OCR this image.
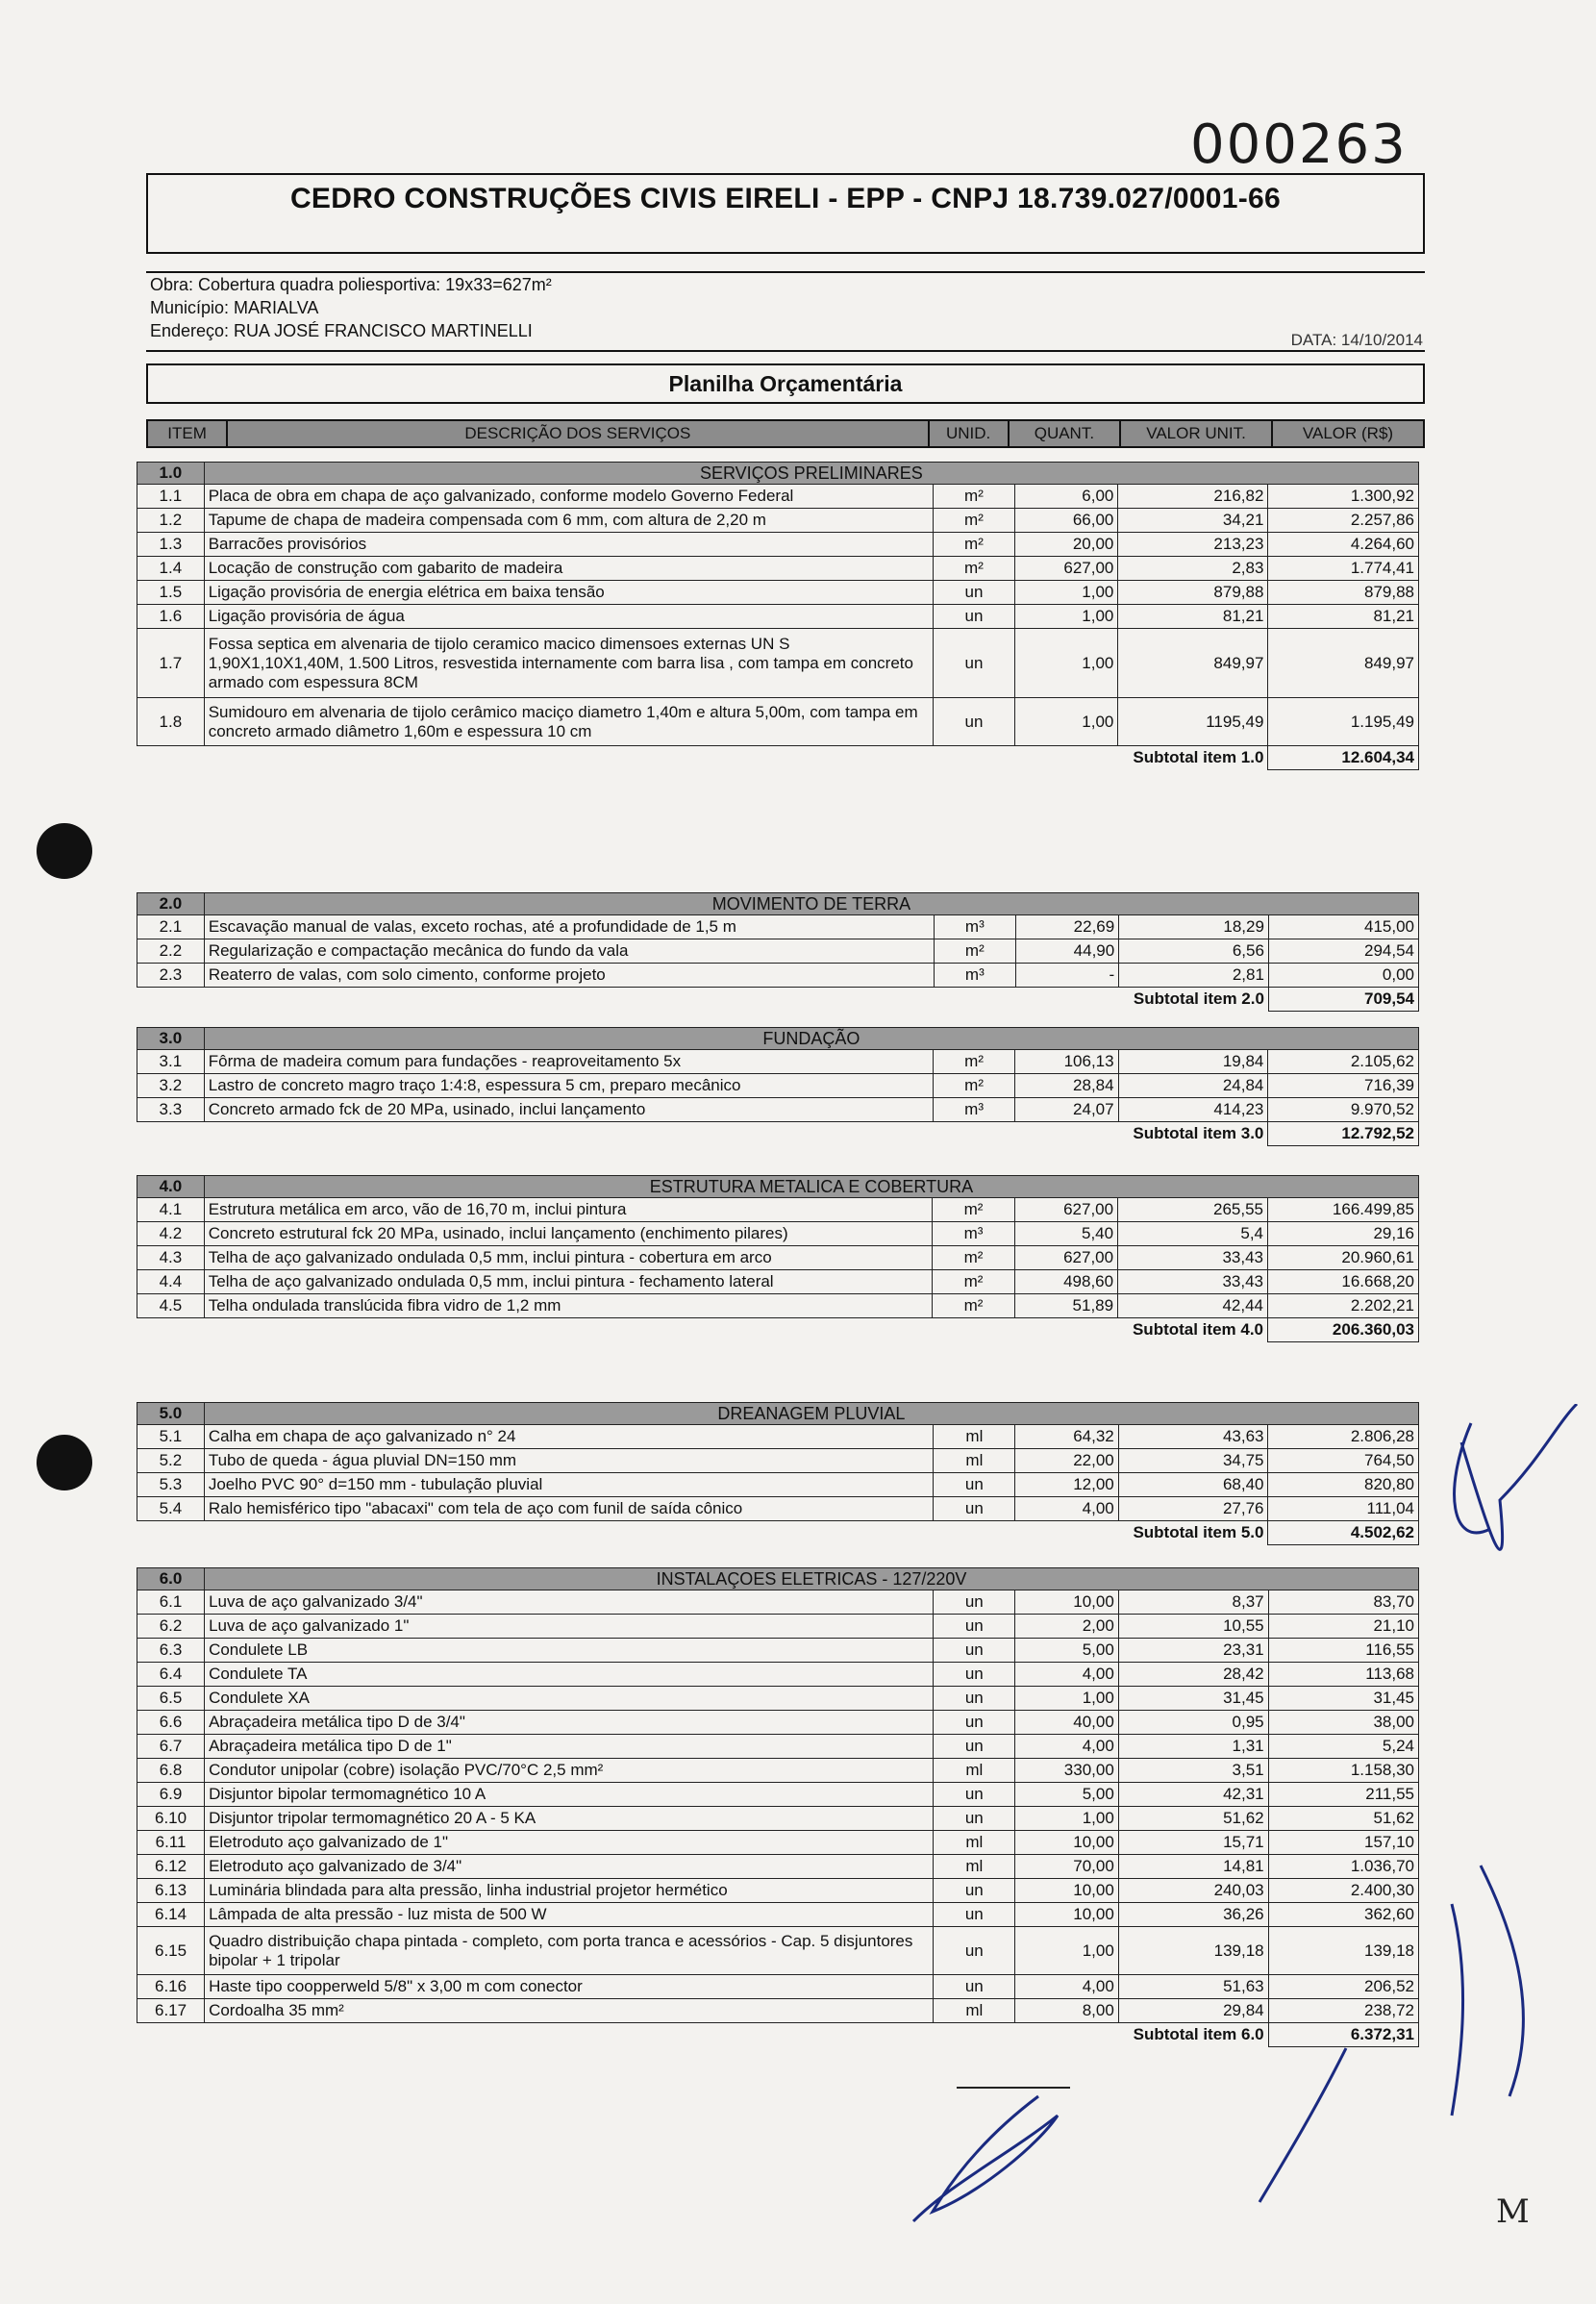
000263
CEDRO CONSTRUÇÕES CIVIS EIRELI - EPP - CNPJ 18.739.027/0001-66
Obra: Cobertura quadra poliesportiva: 19x33=627m²
Município: MARIALVA
Endereço: RUA JOSÉ FRANCISCO MARTINELLI	DATA: 14/10/2014
Planilha Orçamentária
ITEM	DESCRIÇÃO DOS SERVIÇOS	UNID.	QUANT.	VALOR UNIT.	VALOR (R$)
1.0	SERVIÇOS PRELIMINARES				
1.1	Placa de obra em chapa de aço galvanizado, conforme modelo Governo Federal	m²	6,00	216,82	1.300,92
1.2	Tapume de chapa de madeira compensada com 6 mm, com altura de 2,20 m	m²	66,00	34,21	2.257,86
1.3	Barracões provisórios	m²	20,00	213,23	4.264,60
1.4	Locação de construção com gabarito de madeira	m²	627,00	2,83	1.774,41
1.5	Ligação provisória de energia elétrica em baixa tensão	un	1,00	879,88	879,88
1.6	Ligação provisória de água	un	1,00	81,21	81,21
1.7	Fossa septica em alvenaria de tijolo ceramico macico dimensoes externas UN S 1,90X1,10X1,40M, 1.500 Litros, resvestida internamente com barra lisa , com tampa em concreto armado com espessura 8CM	un	1,00	849,97	849,97
1.8	Sumidouro em alvenaria de tijolo cerâmico maciço diametro 1,40m e altura 5,00m, com tampa em concreto armado diâmetro 1,60m e espessura 10 cm	un	1,00	1195,49	1.195,49
			Subtotal item 1.0		12.604,34
2.0	MOVIMENTO DE TERRA				
2.1	Escavação manual de valas, exceto rochas, até a profundidade de 1,5 m	m³	22,69	18,29	415,00
2.2	Regularização e compactação mecânica do fundo da vala	m²	44,90	6,56	294,54
2.3	Reaterro de valas, com solo cimento, conforme projeto	m³	-	2,81	0,00
			Subtotal item 2.0		709,54
3.0	FUNDAÇÃO				
3.1	Fôrma de madeira comum para fundações - reaproveitamento 5x	m²	106,13	19,84	2.105,62
3.2	Lastro de concreto magro traço 1:4:8, espessura 5 cm, preparo mecânico	m²	28,84	24,84	716,39
3.3	Concreto armado fck de 20 MPa, usinado, inclui lançamento	m³	24,07	414,23	9.970,52
			Subtotal item 3.0		12.792,52
4.0	ESTRUTURA METALICA E COBERTURA				
4.1	Estrutura metálica em arco, vão de 16,70 m, inclui pintura	m²	627,00	265,55	166.499,85
4.2	Concreto estrutural fck 20 MPa, usinado, inclui lançamento (enchimento pilares)	m³	5,40	5,4	29,16
4.3	Telha de aço galvanizado ondulada 0,5 mm, inclui pintura - cobertura em arco	m²	627,00	33,43	20.960,61
4.4	Telha de aço galvanizado ondulada 0,5 mm, inclui pintura - fechamento lateral	m²	498,60	33,43	16.668,20
4.5	Telha ondulada translúcida fibra vidro de 1,2 mm	m²	51,89	42,44	2.202,21
			Subtotal item 4.0		206.360,03
5.0	DREANAGEM PLUVIAL				
5.1	Calha em chapa de aço galvanizado n° 24	ml	64,32	43,63	2.806,28
5.2	Tubo de queda - água pluvial DN=150 mm	ml	22,00	34,75	764,50
5.3	Joelho PVC 90° d=150 mm - tubulação pluvial	un	12,00	68,40	820,80
5.4	Ralo hemisférico tipo "abacaxi" com tela de aço com funil de saída cônico	un	4,00	27,76	111,04
			Subtotal item 5.0		4.502,62
6.0	INSTALAÇOES ELETRICAS - 127/220V				
6.1	Luva de aço galvanizado 3/4"	un	10,00	8,37	83,70
6.2	Luva de aço galvanizado 1"	un	2,00	10,55	21,10
6.3	Condulete LB	un	5,00	23,31	116,55
6.4	Condulete TA	un	4,00	28,42	113,68
6.5	Condulete XA	un	1,00	31,45	31,45
6.6	Abraçadeira metálica tipo D de 3/4"	un	40,00	0,95	38,00
6.7	Abraçadeira metálica tipo D de 1"	un	4,00	1,31	5,24
6.8	Condutor unipolar (cobre) isolação PVC/70°C 2,5 mm²	ml	330,00	3,51	1.158,30
6.9	Disjuntor bipolar termomagnético 10 A	un	5,00	42,31	211,55
6.10	Disjuntor tripolar termomagnético 20 A - 5 KA	un	1,00	51,62	51,62
6.11	Eletroduto aço galvanizado de 1"	ml	10,00	15,71	157,10
6.12	Eletroduto aço galvanizado de 3/4"	ml	70,00	14,81	1.036,70
6.13	Luminária blindada para alta pressão, linha industrial projetor hermético	un	10,00	240,03	2.400,30
6.14	Lâmpada de alta pressão - luz mista de 500 W	un	10,00	36,26	362,60
6.15	Quadro distribuição chapa pintada - completo, com porta tranca e acessórios - Cap. 5 disjuntores bipolar + 1 tripolar	un	1,00	139,18	139,18
6.16	Haste tipo coopperweld 5/8" x 3,00 m com conector	un	4,00	51,63	206,52
6.17	Cordoalha 35 mm²	ml	8,00	29,84	238,72
			Subtotal item 6.0		6.372,31
M
